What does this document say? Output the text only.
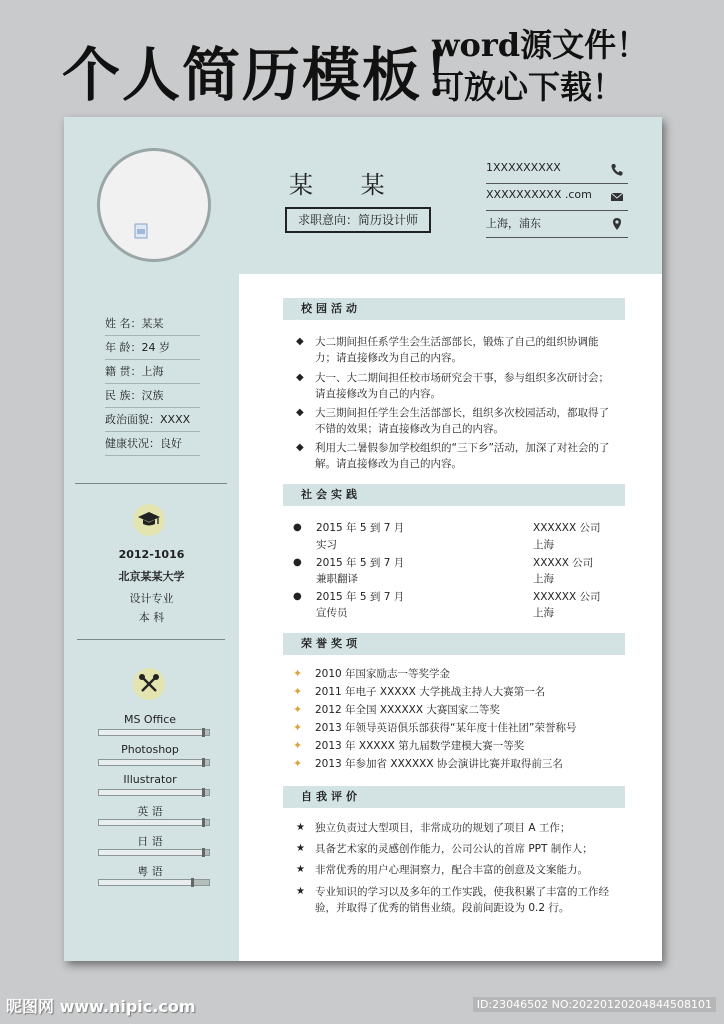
个人简历模板！
word源文件！
可放心下载！
某 某
求职意向：简历设计师
1XXXXXXXXX
XXXXXXXXXX .com
上海，浦东
姓 名：某某
年 龄：24 岁
籍 贯：上海
民 族：汉族
政治面貌：XXXX
健康状况：良好
2012-1016
北京某某大学
设计专业
本 科
校园活动
◆ 大二期间担任系学生会生活部部长，锻炼了自己的组织协调能力；请直接修改为自己的内容。
◆ 大一、大二期间担任校市场研究会干事，参与组织多次研讨会；请直接修改为自己的内容。
◆ 大三期间担任学生会生活部部长，组织多次校园活动，都取得了不错的效果；请直接修改为自己的内容。
◆ 利用大二暑假参加学校组织的“三下乡”活动，加深了对社会的了解。请直接修改为自己的内容。
社会实践
● 2015 年 5 到 7 月
实习
XXXXXX 公司
上海
● 2015 年 5 到 7 月
兼职翻译
XXXXX 公司
上海
● 2015 年 5 到 7 月
宣传员
XXXXXX 公司
上海
荣誉奖项
✦ 2010 年国家励志一等奖学金
✦ 2011 年电子 XXXXX 大学挑战主持人大赛第一名
✦ 2012 年全国 XXXXXX 大赛国家二等奖
✦ 2013 年领导英语俱乐部获得“某年度十佳社团”荣誉称号
✦ 2013 年 XXXXX 第九届数学建模大赛一等奖
✦ 2013 年参加省 XXXXXX 协会演讲比赛并取得前三名
自我评价
★ 独立负责过大型项目，非常成功的规划了项目 A 工作；
★ 具备艺术家的灵感创作能力，公司公认的首席 PPT 制作人；
★ 非常优秀的用户心理洞察力，配合丰富的创意及文案能力。
★ 专业知识的学习以及多年的工作实践，使我积累了丰富的工作经验，并取得了优秀的销售业绩。段前间距设为 0.2 行。
MS Office
Photoshop
Illustrator
英 语
日 语
粤 语
昵图网 www.nipic.com	ID:23046502 NO:20220120204844508101
